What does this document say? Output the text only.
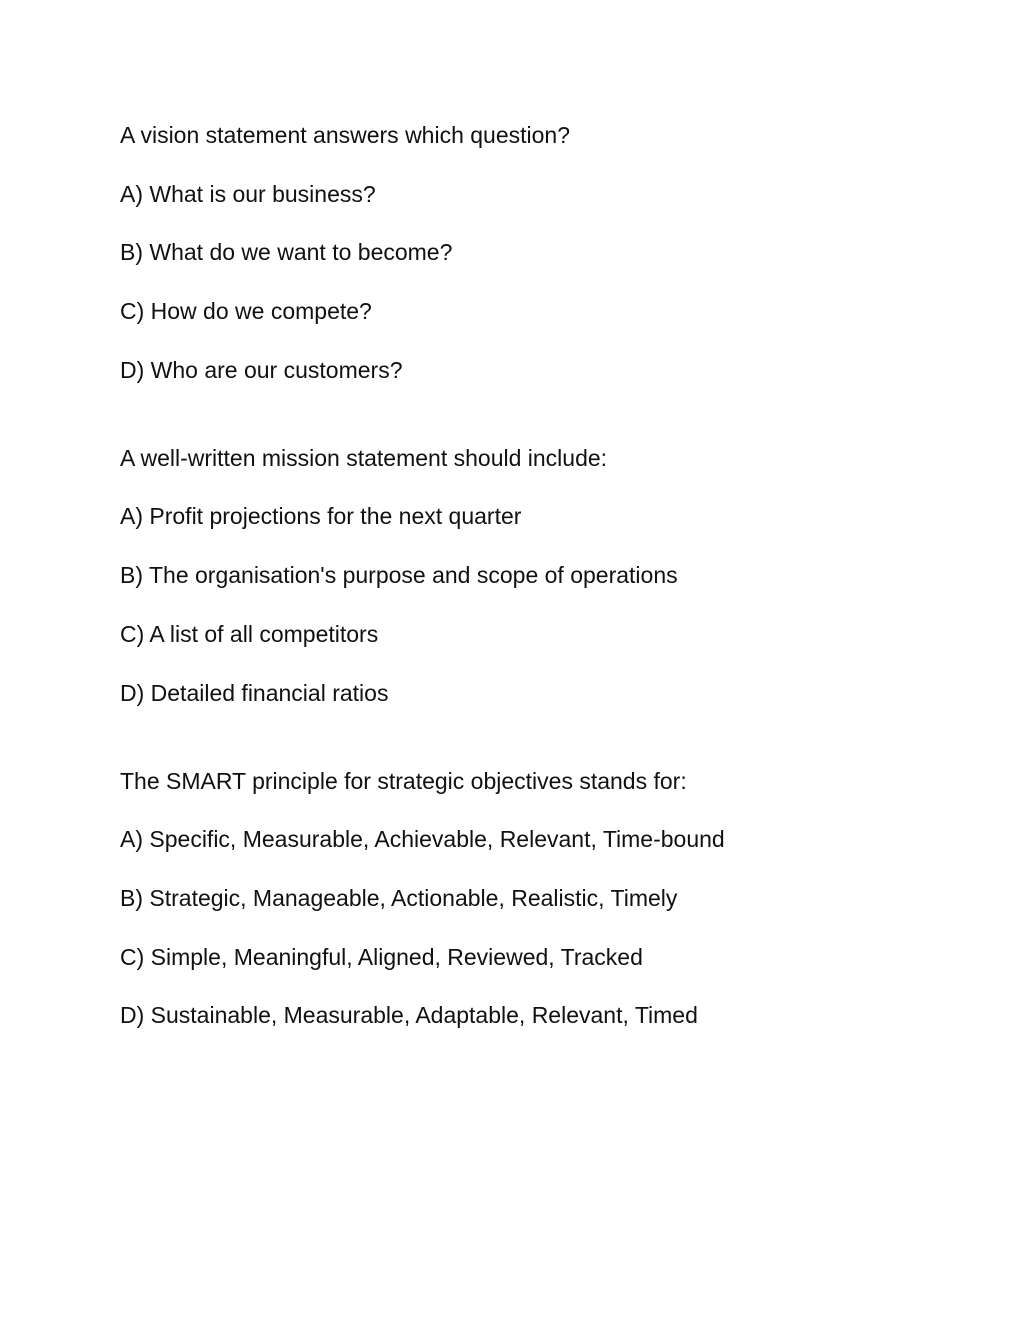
A vision statement answers which question?
A) What is our business?
B) What do we want to become?
C) How do we compete?
D) Who are our customers?
A well-written mission statement should include:
A) Profit projections for the next quarter
B) The organisation's purpose and scope of operations
C) A list of all competitors
D) Detailed financial ratios
The SMART principle for strategic objectives stands for:
A) Specific, Measurable, Achievable, Relevant, Time-bound
B) Strategic, Manageable, Actionable, Realistic, Timely
C) Simple, Meaningful, Aligned, Reviewed, Tracked
D) Sustainable, Measurable, Adaptable, Relevant, Timed
